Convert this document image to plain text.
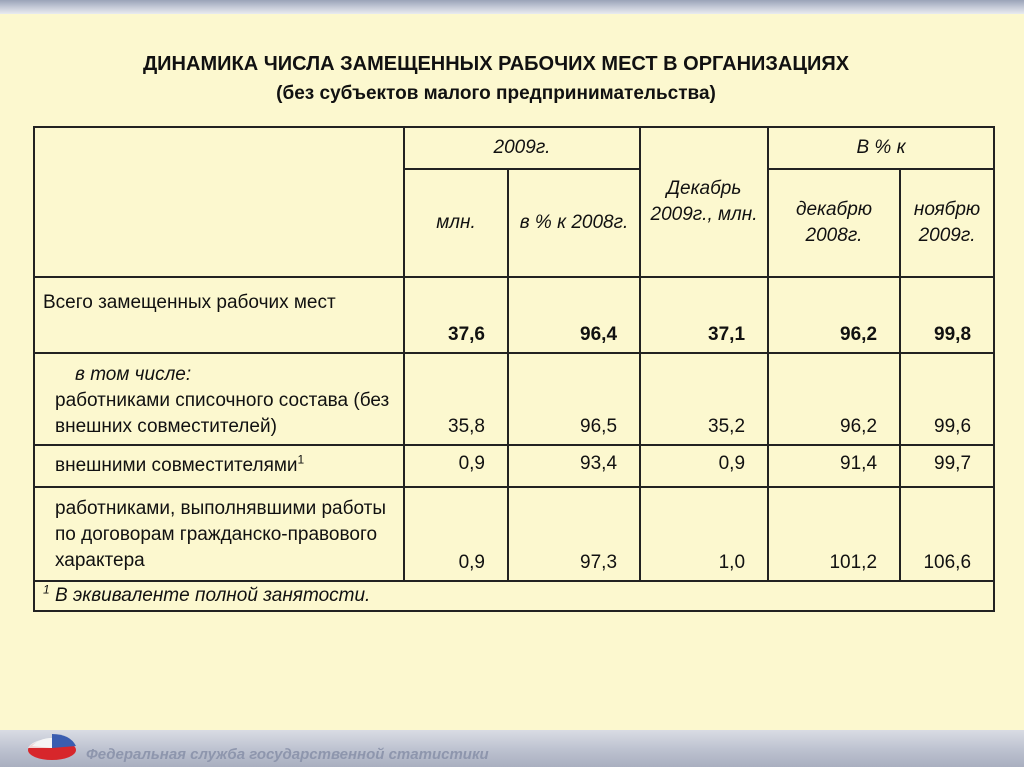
ДИНАМИКА ЧИСЛА ЗАМЕЩЕННЫХ РАБОЧИХ МЕСТ В ОРГАНИЗАЦИЯХ
(без субъектов малого предпринимательства)
	2009г.		Декабрь 2009г., млн.	В % к	
	млн.	в % к 2008г.		декабрю 2008г.	ноябрю 2009г.
Всего замещенных рабочих мест	37,6	96,4	37,1	96,2	99,8

в том числе:
работниками списочного состава (без внешних совместителей)	35,8	96,5	35,2	96,2	99,6
внешними совместителями$^1$	0,9	93,4	0,9	91,4	99,7
работниками, выполнявшими работы по договорам гражданско-правового характера	0,9	97,3	1,0	101,2	106,6
$^1$ В эквиваленте полной занятости.					
Федеральная служба государственной статистики
